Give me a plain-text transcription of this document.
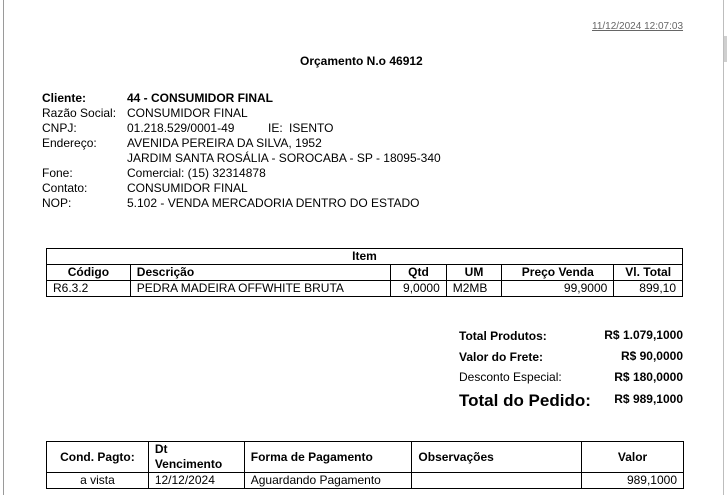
11/12/2024 12:07:03
Orçamento N.o 46912
Cliente:	44 - CONSUMIDOR FINAL
Razão Social: CONSUMIDOR FINAL
CNPJ:	01.218.529/0001-49	IE: ISENTO
Endereço:	AVENIDA PEREIRA DA SILVA, 1952
JARDIM SANTA ROSÁLIA - SOROCABA - SP - 18095-340
Fone:	Comercial: (15) 32314878
Contato:	CONSUMIDOR FINAL
NOP:	5.102 - VENDA MERCADORIA DENTRO DO ESTADO
Item					
Código	Descrição	Qtd	UM	Preço Venda	Vl. Total
R6.3.2	PEDRA MADEIRA OFFWHITE BRUTA	9,0000	M2MB	99,9000	899,10
Total Produtos:	R$ 1.079,1000
Valor do Frete:	R$ 90,0000
Desconto Especial:	R$ 180,0000
Total do Pedido:	R$ 989,1000
Cond. Pagto:	Dt Vencimento	Forma de Pagamento	Observações	Valor
a vista	12/12/2024	Aguardando Pagamento		989,1000
